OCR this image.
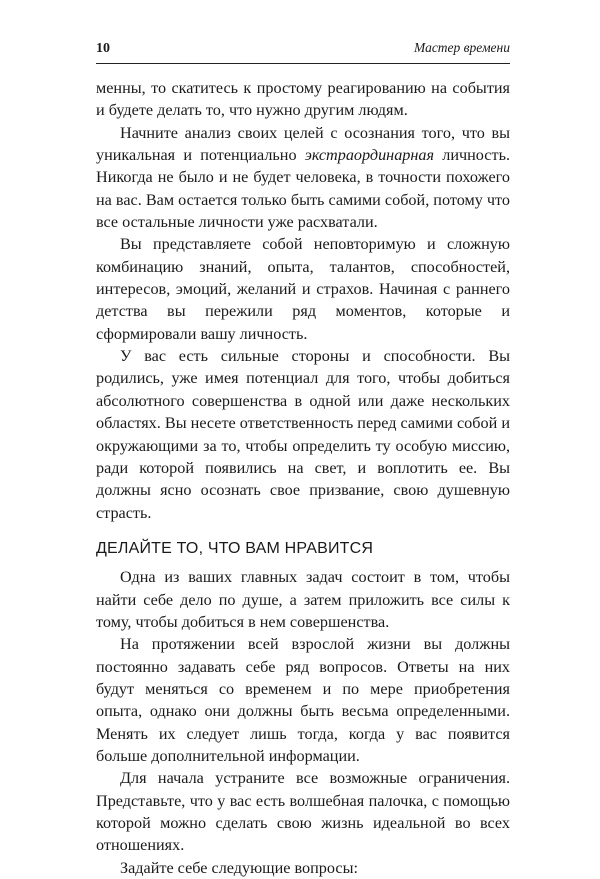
10	Мастер времени

менны, то скатитесь к простому реагированию на события и будете делать то, что нужно другим людям.

Начните анализ своих целей с осознания того, что вы уникальная и потенциально экстраординарная личность. Никогда не было и не будет человека, в точности похожего на вас. Вам остается только быть самими собой, потому что все остальные личности уже расхватали.

Вы представляете собой неповторимую и сложную комбинацию знаний, опыта, талантов, способностей, интересов, эмоций, желаний и страхов. Начиная с раннего детства вы пережили ряд моментов, которые и сформировали вашу личность.

У вас есть сильные стороны и способности. Вы родились, уже имея потенциал для того, чтобы добиться абсолютного совершенства в одной или даже нескольких областях. Вы несете ответственность перед самими собой и окружающими за то, чтобы определить ту особую миссию, ради которой появились на свет, и воплотить ее. Вы должны ясно осознать свое призвание, свою душевную страсть.

ДЕЛАЙТЕ ТО, ЧТО ВАМ НРАВИТСЯ

Одна из ваших главных задач состоит в том, чтобы найти себе дело по душе, а затем приложить все силы к тому, чтобы добиться в нем совершенства.

На протяжении всей взрослой жизни вы должны постоянно задавать себе ряд вопросов. Ответы на них будут меняться со временем и по мере приобретения опыта, однако они должны быть весьма определенными. Менять их следует лишь тогда, когда у вас появится больше дополнительной информации.

Для начала устраните все возможные ограничения. Представьте, что у вас есть волшебная палочка, с помощью которой можно сделать свою жизнь идеальной во всех отношениях.

Задайте себе следующие вопросы:
